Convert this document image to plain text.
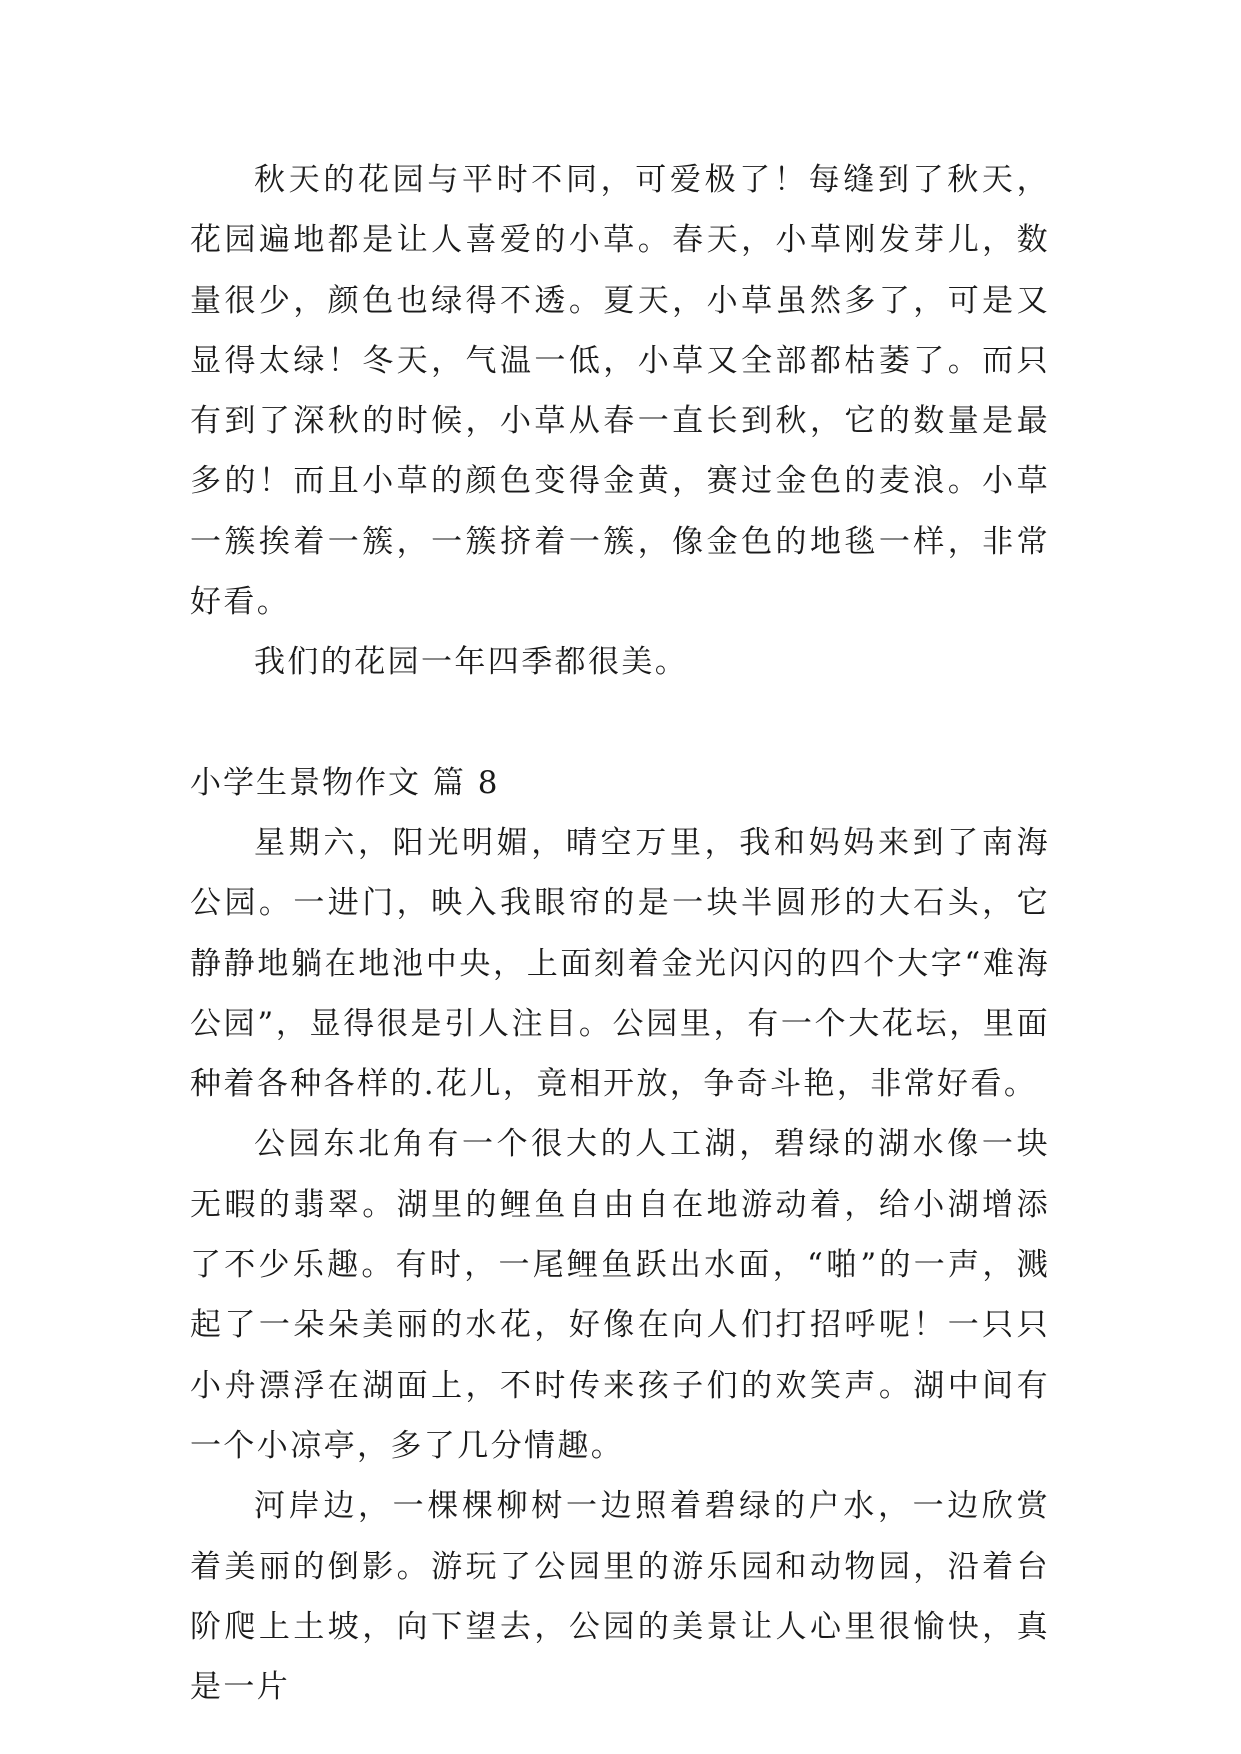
秋天的花园与平时不同，可爱极了！每缝到了秋天，花园遍地都是让人喜爱的小草。春天，小草刚发芽儿，数量很少，颜色也绿得不透。夏天，小草虽然多了，可是又显得太绿！冬天，气温一低，小草又全部都枯萎了。而只有到了深秋的时候，小草从春一直长到秋，它的数量是最多的！而且小草的颜色变得金黄，赛过金色的麦浪。小草一簇挨着一簇，一簇挤着一簇，像金色的地毯一样，非常好看。

我们的花园一年四季都很美。

小学生景物作文 篇 8

星期六，阳光明媚，晴空万里，我和妈妈来到了南海公园。一进门，映入我眼帘的是一块半圆形的大石头，它静静地躺在地池中央，上面刻着金光闪闪的四个大字“难海公园”，显得很是引人注目。公园里，有一个大花坛，里面种着各种各样的.花儿，竟相开放，争奇斗艳，非常好看。

公园东北角有一个很大的人工湖，碧绿的湖水像一块无暇的翡翠。湖里的鲤鱼自由自在地游动着，给小湖增添了不少乐趣。有时，一尾鲤鱼跃出水面，“啪”的一声，溅起了一朵朵美丽的水花，好像在向人们打招呼呢！一只只小舟漂浮在湖面上，不时传来孩子们的欢笑声。湖中间有一个小凉亭，多了几分情趣。

河岸边，一棵棵柳树一边照着碧绿的户水，一边欣赏着美丽的倒影。游玩了公园里的游乐园和动物园，沿着台阶爬上土坡，向下望去，公园的美景让人心里很愉快，真是一片
